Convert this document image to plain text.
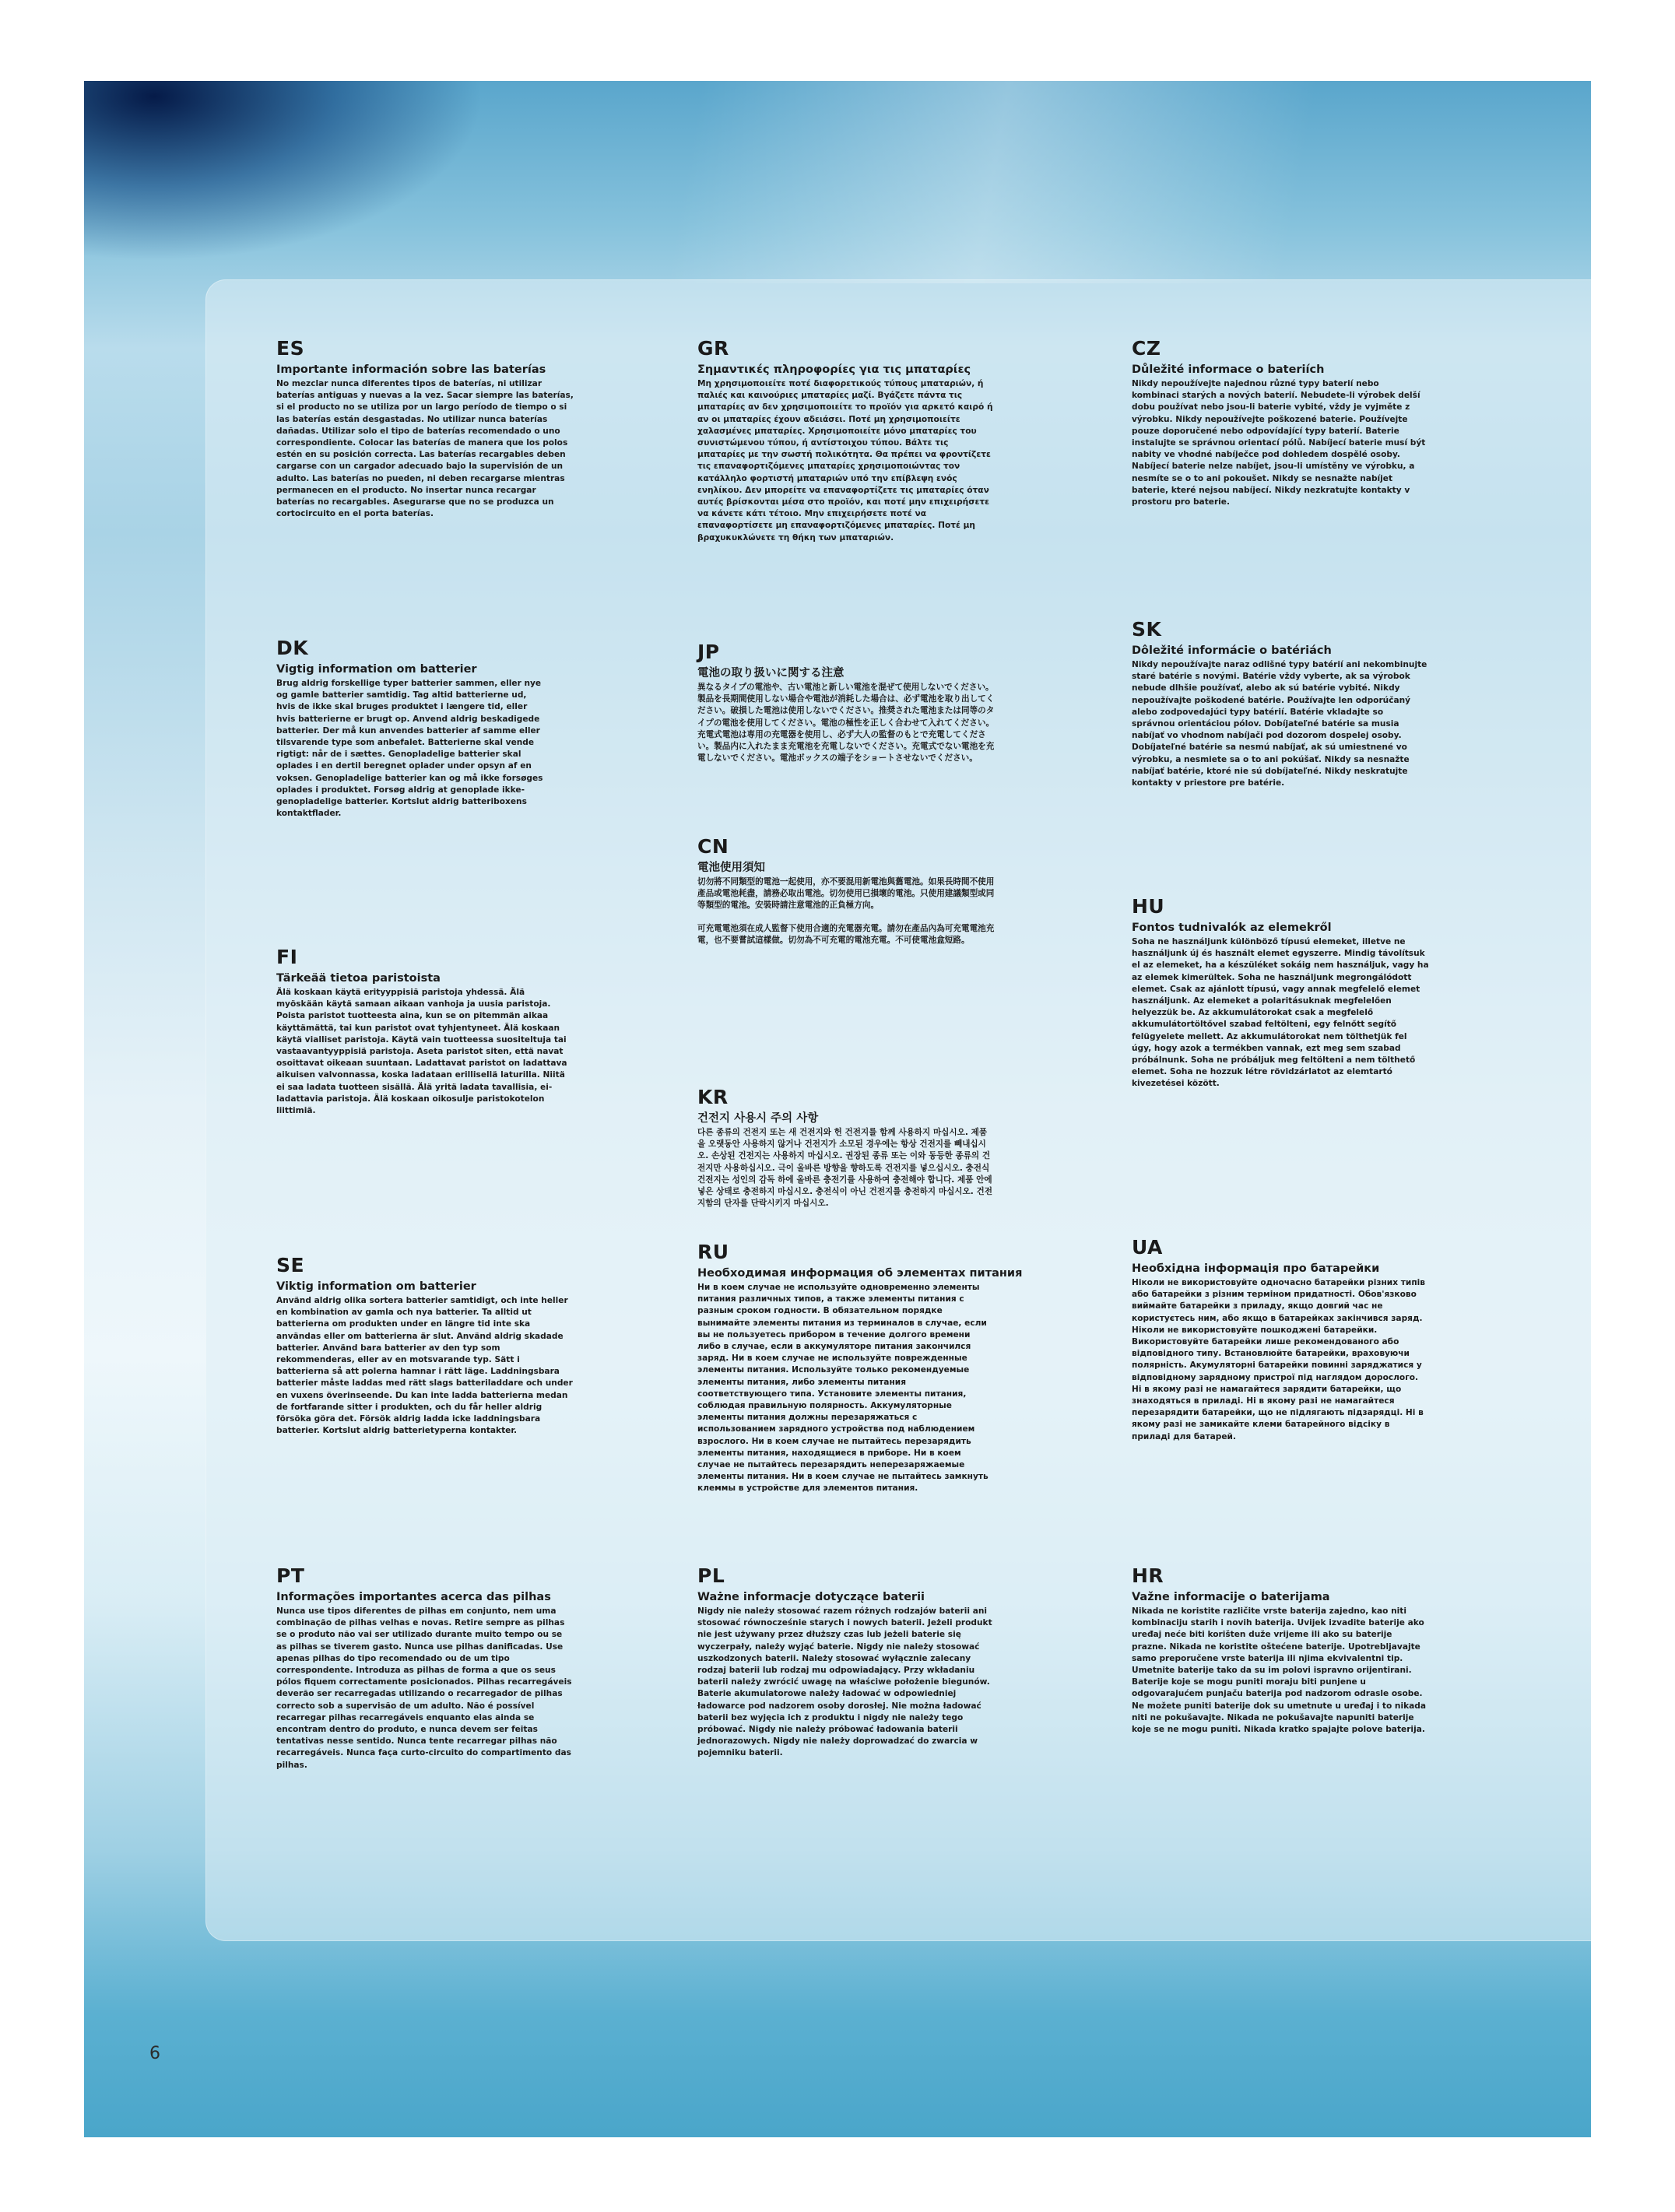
ES
Importante información sobre las baterías

No mezclar nunca diferentes tipos de baterías, ni utilizar baterías antiguas y nuevas a la vez. Sacar siempre las baterías, si el producto no se utiliza por un largo período de tiempo o si las baterías están desgastadas. No utilizar nunca baterías dañadas. Utilizar solo el tipo de baterías recomendado o uno correspondiente. Colocar las baterías de manera que los polos estén en su posición correcta. Las baterías recargables deben cargarse con un cargador adecuado bajo la supervisión de un adulto. Las baterías no pueden, ni deben recargarse mientras permanecen en el producto. No insertar nunca recargar baterías no recargables. Asegurarse que no se produzca un cortocircuito en el porta baterías.

DK
Vigtig information om batterier

Brug aldrig forskellige typer batterier sammen, eller nye og gamle batterier samtidig. Tag altid batterierne ud, hvis de ikke skal bruges produktet i længere tid, eller hvis batterierne er brugt op. Anvend aldrig beskadigede batterier. Der må kun anvendes batterier af samme eller tilsvarende type som anbefalet. Batterierne skal vende rigtigt: når de i sættes. Genopladelige batterier skal oplades i en dertil beregnet oplader under opsyn af en voksen. Genopladelige batterier kan og må ikke forsøges oplades i produktet. Forsøg aldrig at genoplade ikke-genopladelige batterier. Kortslut aldrig batteriboxens kontaktflader.

FI
Tärkeää tietoa paristoista

Älä koskaan käytä erityyppisiä paristoja yhdessä. Älä myöskään käytä samaan aikaan vanhoja ja uusia paristoja. Poista paristot tuotteesta aina, kun se on pitemmän aikaa käyttämättä, tai kun paristot ovat tyhjentyneet. Älä koskaan käytä vialliset paristoja. Käytä vain tuotteessa suositeltuja tai vastaavantyyppisiä paristoja. Aseta paristot siten, että navat osoittavat oikeaan suuntaan. Ladattavat paristot on ladattava aikuisen valvonnassa, koska ladataan erillisellä laturilla. Niitä ei saa ladata tuotteen sisällä. Älä yritä ladata tavallisia, ei-ladattavia paristoja. Älä koskaan oikosulje paristokotelon liittimiä.

SE
Viktig information om batterier

Använd aldrig olika sortera batterier samtidigt, och inte heller en kombination av gamla och nya batterier. Ta alltid ut batterierna om produkten under en längre tid inte ska användas eller om batterierna är slut. Använd aldrig skadade batterier. Använd bara batterier av den typ som rekommenderas, eller av en motsvarande typ. Sätt i batterierna så att polerna hamnar i rätt läge. Laddningsbara batterier måste laddas med rätt slags batteriladdare och under en vuxens överinseende. Du kan inte ladda batterierna medan de fortfarande sitter i produkten, och du får heller aldrig försöka göra det. Försök aldrig ladda icke laddningsbara batterier. Kortslut aldrig batterietyperna kontakter.

PT
Informações importantes acerca das pilhas

Nunca use tipos diferentes de pilhas em conjunto, nem uma combinação de pilhas velhas e novas. Retire sempre as pilhas se o produto não vai ser utilizado durante muito tempo ou se as pilhas se tiverem gasto. Nunca use pilhas danificadas. Use apenas pilhas do tipo recomendado ou de um tipo correspondente. Introduza as pilhas de forma a que os seus pólos fiquem correctamente posicionados. Pilhas recarregáveis deverão ser recarregadas utilizando o recarregador de pilhas correcto sob a supervisão de um adulto. Não é possível recarregar pilhas recarregáveis enquanto elas ainda se encontram dentro do produto, e nunca devem ser feitas tentativas nesse sentido. Nunca tente recarregar pilhas não recarregáveis. Nunca faça curto-circuito do compartimento das pilhas.

GR
Σημαντικές πληροφορίες για τις μπαταρίες

Μη χρησιμοποιείτε ποτέ διαφορετικούς τύπους μπαταριών, ή παλιές και καινούριες μπαταρίες μαζί. Βγάζετε πάντα τις μπαταρίες αν δεν χρησιμοποιείτε το προϊόν για αρκετό καιρό ή αν οι μπαταρίες έχουν αδειάσει. Ποτέ μη χρησιμοποιείτε χαλασμένες μπαταρίες. Χρησιμοποιείτε μόνο μπαταρίες του συνιστώμενου τύπου, ή αντίστοιχου τύπου. Βάλτε τις μπαταρίες με την σωστή πολικότητα. Θα πρέπει να φροντίζετε τις επαναφορτιζόμενες μπαταρίες χρησιμοποιώντας τον κατάλληλο φορτιστή μπαταριών υπό την επίβλεψη ενός ενηλίκου. Δεν μπορείτε να επαναφορτίζετε τις μπαταρίες όταν αυτές βρίσκονται μέσα στο προϊόν, και ποτέ μην επιχειρήσετε να κάνετε κάτι τέτοιο. Μην επιχειρήσετε ποτέ να επαναφορτίσετε μη επαναφορτιζόμενες μπαταρίες. Ποτέ μη βραχυκυκλώνετε τη θήκη των μπαταριών.

JP
電池の取り扱いに関する注意

異なるタイプの電池や、古い電池と新しい電池を混ぜて使用しないでください。製品を長期間使用しない場合や電池が消耗した場合は、必ず電池を取り出してください。破損した電池は使用しないでください。推奨された電池または同等のタイプの電池を使用してください。電池の極性を正しく合わせて入れてください。充電式電池は専用の充電器を使用し、必ず大人の監督のもとで充電してください。製品内に入れたまま充電池を充電しないでください。充電式でない電池を充電しないでください。電池ボックスの端子をショートさせないでください。

CN
電池使用須知

切勿將不同類型的電池一起使用，亦不要混用新電池與舊電池。如果長時間不使用產品或電池耗盡，請務必取出電池。切勿使用已損壞的電池。只使用建議類型或同等類型的電池。安裝時請注意電池的正負極方向。

可充電電池須在成人監督下使用合適的充電器充電。請勿在產品內為可充電電池充電，也不要嘗試這樣做。切勿為不可充電的電池充電。不可使電池盒短路。

KR
건전지 사용시 주의 사항

다른 종류의 건전지 또는 새 건전지와 헌 건전지를 함께 사용하지 마십시오. 제품을 오랫동안 사용하지 않거나 건전지가 소모된 경우에는 항상 건전지를 빼내십시오. 손상된 건전지는 사용하지 마십시오. 권장된 종류 또는 이와 동등한 종류의 건전지만 사용하십시오. 극이 올바른 방향을 향하도록 건전지를 넣으십시오. 충전식 건전지는 성인의 감독 하에 올바른 충전기를 사용하여 충전해야 합니다. 제품 안에 넣은 상태로 충전하지 마십시오. 충전식이 아닌 건전지를 충전하지 마십시오. 건전지함의 단자를 단락시키지 마십시오.

RU
Необходимая информация об элементах питания

Ни в коем случае не используйте одновременно элементы питания различных типов, а также элементы питания с разным сроком годности. В обязательном порядке вынимайте элементы питания из терминалов в случае, если вы не пользуетесь прибором в течение долгого времени либо в случае, если в аккумуляторе питания закончился заряд. Ни в коем случае не используйте поврежденные элементы питания. Используйте только рекомендуемые элементы питания, либо элементы питания соответствующего типа. Установите элементы питания, соблюдая правильную полярность. Аккумуляторные элементы питания должны перезаряжаться с использованием зарядного устройства под наблюдением взрослого. Ни в коем случае не пытайтесь перезарядить элементы питания, находящиеся в приборе. Ни в коем случае не пытайтесь перезарядить неперезаряжаемые элементы питания. Ни в коем случае не пытайтесь замкнуть клеммы в устройстве для элементов питания.

PL
Ważne informacje dotyczące baterii

Nigdy nie należy stosować razem różnych rodzajów baterii ani stosować równocześnie starych i nowych baterii. Jeżeli produkt nie jest używany przez dłuższy czas lub jeżeli baterie się wyczerpały, należy wyjąć baterie. Nigdy nie należy stosować uszkodzonych baterii. Należy stosować wyłącznie zalecany rodzaj baterii lub rodzaj mu odpowiadający. Przy wkładaniu baterii należy zwrócić uwagę na właściwe położenie biegunów. Baterie akumulatorowe należy ładować w odpowiedniej ładowarce pod nadzorem osoby dorosłej. Nie można ładować baterii bez wyjęcia ich z produktu i nigdy nie należy tego próbować. Nigdy nie należy próbować ładowania baterii jednorazowych. Nigdy nie należy doprowadzać do zwarcia w pojemniku baterii.

CZ
Důležité informace o bateriích

Nikdy nepoužívejte najednou různé typy baterií nebo kombinaci starých a nových baterií. Nebudete-li výrobek delší dobu používat nebo jsou-li baterie vybité, vždy je vyjměte z výrobku. Nikdy nepoužívejte poškozené baterie. Používejte pouze doporučené nebo odpovídající typy baterií. Baterie instalujte se správnou orientací pólů. Nabíjecí baterie musí být nabity ve vhodné nabíječce pod dohledem dospělé osoby. Nabíjecí baterie nelze nabíjet, jsou-li umístěny ve výrobku, a nesmíte se o to ani pokoušet. Nikdy se nesnažte nabíjet baterie, které nejsou nabíjecí. Nikdy nezkratujte kontakty v prostoru pro baterie.

SK
Dôležité informácie o batériách

Nikdy nepoužívajte naraz odlišné typy batérií ani nekombinujte staré batérie s novými. Batérie vždy vyberte, ak sa výrobok nebude dlhšie používať, alebo ak sú batérie vybité. Nikdy nepoužívajte poškodené batérie. Používajte len odporúčaný alebo zodpovedajúci typy batérií. Batérie vkladajte so správnou orientáciou pólov. Dobíjateľné batérie sa musia nabíjať vo vhodnom nabíjači pod dozorom dospelej osoby. Dobíjateľné batérie sa nesmú nabíjať, ak sú umiestnené vo výrobku, a nesmiete sa o to ani pokúšať. Nikdy sa nesnažte nabíjať batérie, ktoré nie sú dobíjateľné. Nikdy neskratujte kontakty v priestore pre batérie.

HU
Fontos tudnivalók az elemekről

Soha ne használjunk különböző típusú elemeket, illetve ne használjunk új és használt elemet egyszerre. Mindig távolítsuk el az elemeket, ha a készüléket sokáig nem használjuk, vagy ha az elemek kimerültek. Soha ne használjunk megrongálódott elemet. Csak az ajánlott típusú, vagy annak megfelelő elemet használjunk. Az elemeket a polaritásuknak megfelelően helyezzük be. Az akkumulátorokat csak a megfelelő akkumulátortöltővel szabad feltölteni, egy felnőtt segítő felügyelete mellett. Az akkumulátorokat nem tölthetjük fel úgy, hogy azok a termékben vannak, ezt meg sem szabad próbálnunk. Soha ne próbáljuk meg feltölteni a nem tölthető elemet. Soha ne hozzuk létre rövidzárlatot az elemtartó kivezetései között.

UA
Необхідна інформація про батарейки

Ніколи не використовуйте одночасно батарейки різних типів або батарейки з різним терміном придатності. Обов'язково виймайте батарейки з приладу, якщо довгий час не користуєтесь ним, або якщо в батарейках закінчився заряд. Ніколи не використовуйте пошкоджені батарейки. Використовуйте батарейки лише рекомендованого або відповідного типу. Встановлюйте батарейки, враховуючи полярність. Акумуляторні батарейки повинні заряджатися у відповідному зарядному пристрої під наглядом дорослого. Ні в якому разі не намагайтеся зарядити батарейки, що знаходяться в приладі. Ні в якому разі не намагайтеся перезарядити батарейки, що не підлягають підзарядці. Ні в якому разі не замикайте клеми батарейного відсіку в приладі для батарей.

HR
Važne informacije o baterijama

Nikada ne koristite različite vrste baterija zajedno, kao niti kombinaciju starih i novih baterija. Uvijek izvadite baterije ako uređaj neće biti korišten duže vrijeme ili ako su baterije prazne. Nikada ne koristite oštećene baterije. Upotrebljavajte samo preporučene vrste baterija ili njima ekvivalentni tip. Umetnite baterije tako da su im polovi ispravno orijentirani. Baterije koje se mogu puniti moraju biti punjene u odgovarajućem punjaču baterija pod nadzorom odrasle osobe. Ne možete puniti baterije dok su umetnute u uređaj i to nikada niti ne pokušavajte. Nikada ne pokušavajte napuniti baterije koje se ne mogu puniti. Nikada kratko spajajte polove baterija.

6
